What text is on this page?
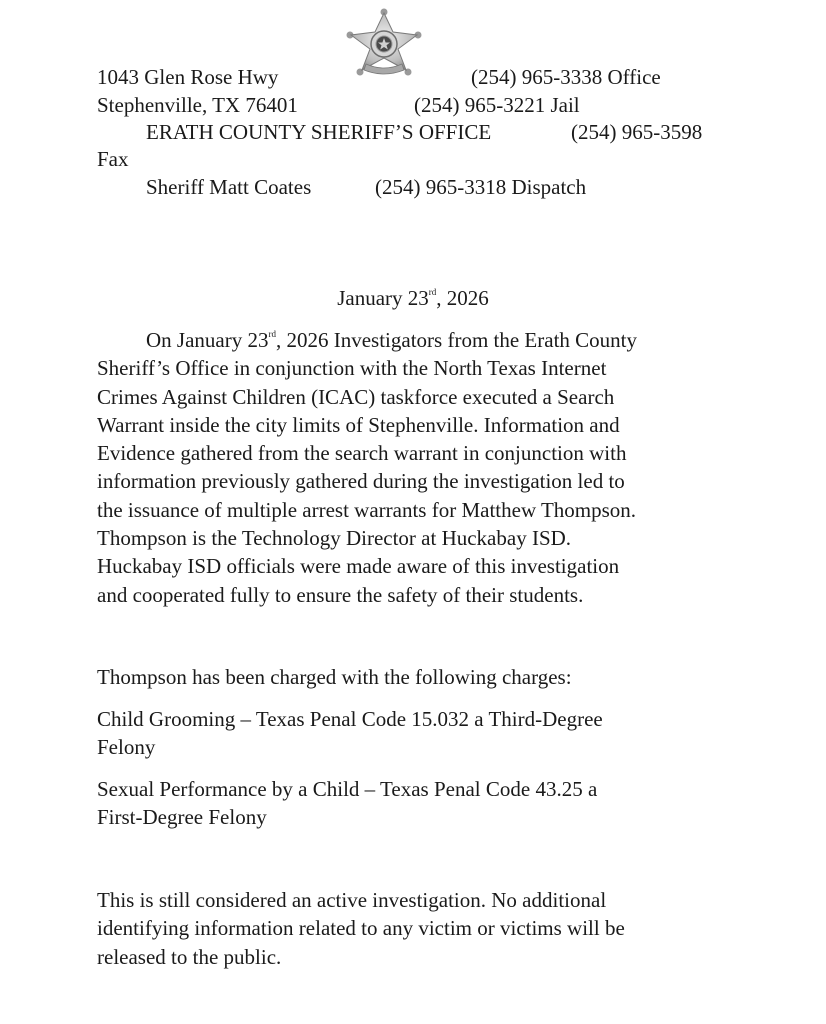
1043 Glen Rose Hwy	(254) 965-3338 Office
Stephenville, TX 76401	(254) 965-3221 Jail
ERATH COUNTY SHERIFF’S OFFICE	(254) 965-3598
Fax
Sheriff Matt Coates	(254) 965-3318 Dispatch
January 23rd, 2026
On January 23rd, 2026 Investigators from the Erath County
Sheriff’s Office in conjunction with the North Texas Internet
Crimes Against Children (ICAC) taskforce executed a Search
Warrant inside the city limits of Stephenville. Information and
Evidence gathered from the search warrant in conjunction with
information previously gathered during the investigation led to
the issuance of multiple arrest warrants for Matthew Thompson.
Thompson is the Technology Director at Huckabay ISD.
Huckabay ISD officials were made aware of this investigation
and cooperated fully to ensure the safety of their students.
Thompson has been charged with the following charges:
Child Grooming – Texas Penal Code 15.032 a Third-Degree
Felony
Sexual Performance by a Child – Texas Penal Code 43.25 a
First-Degree Felony
This is still considered an active investigation. No additional
identifying information related to any victim or victims will be
released to the public.
